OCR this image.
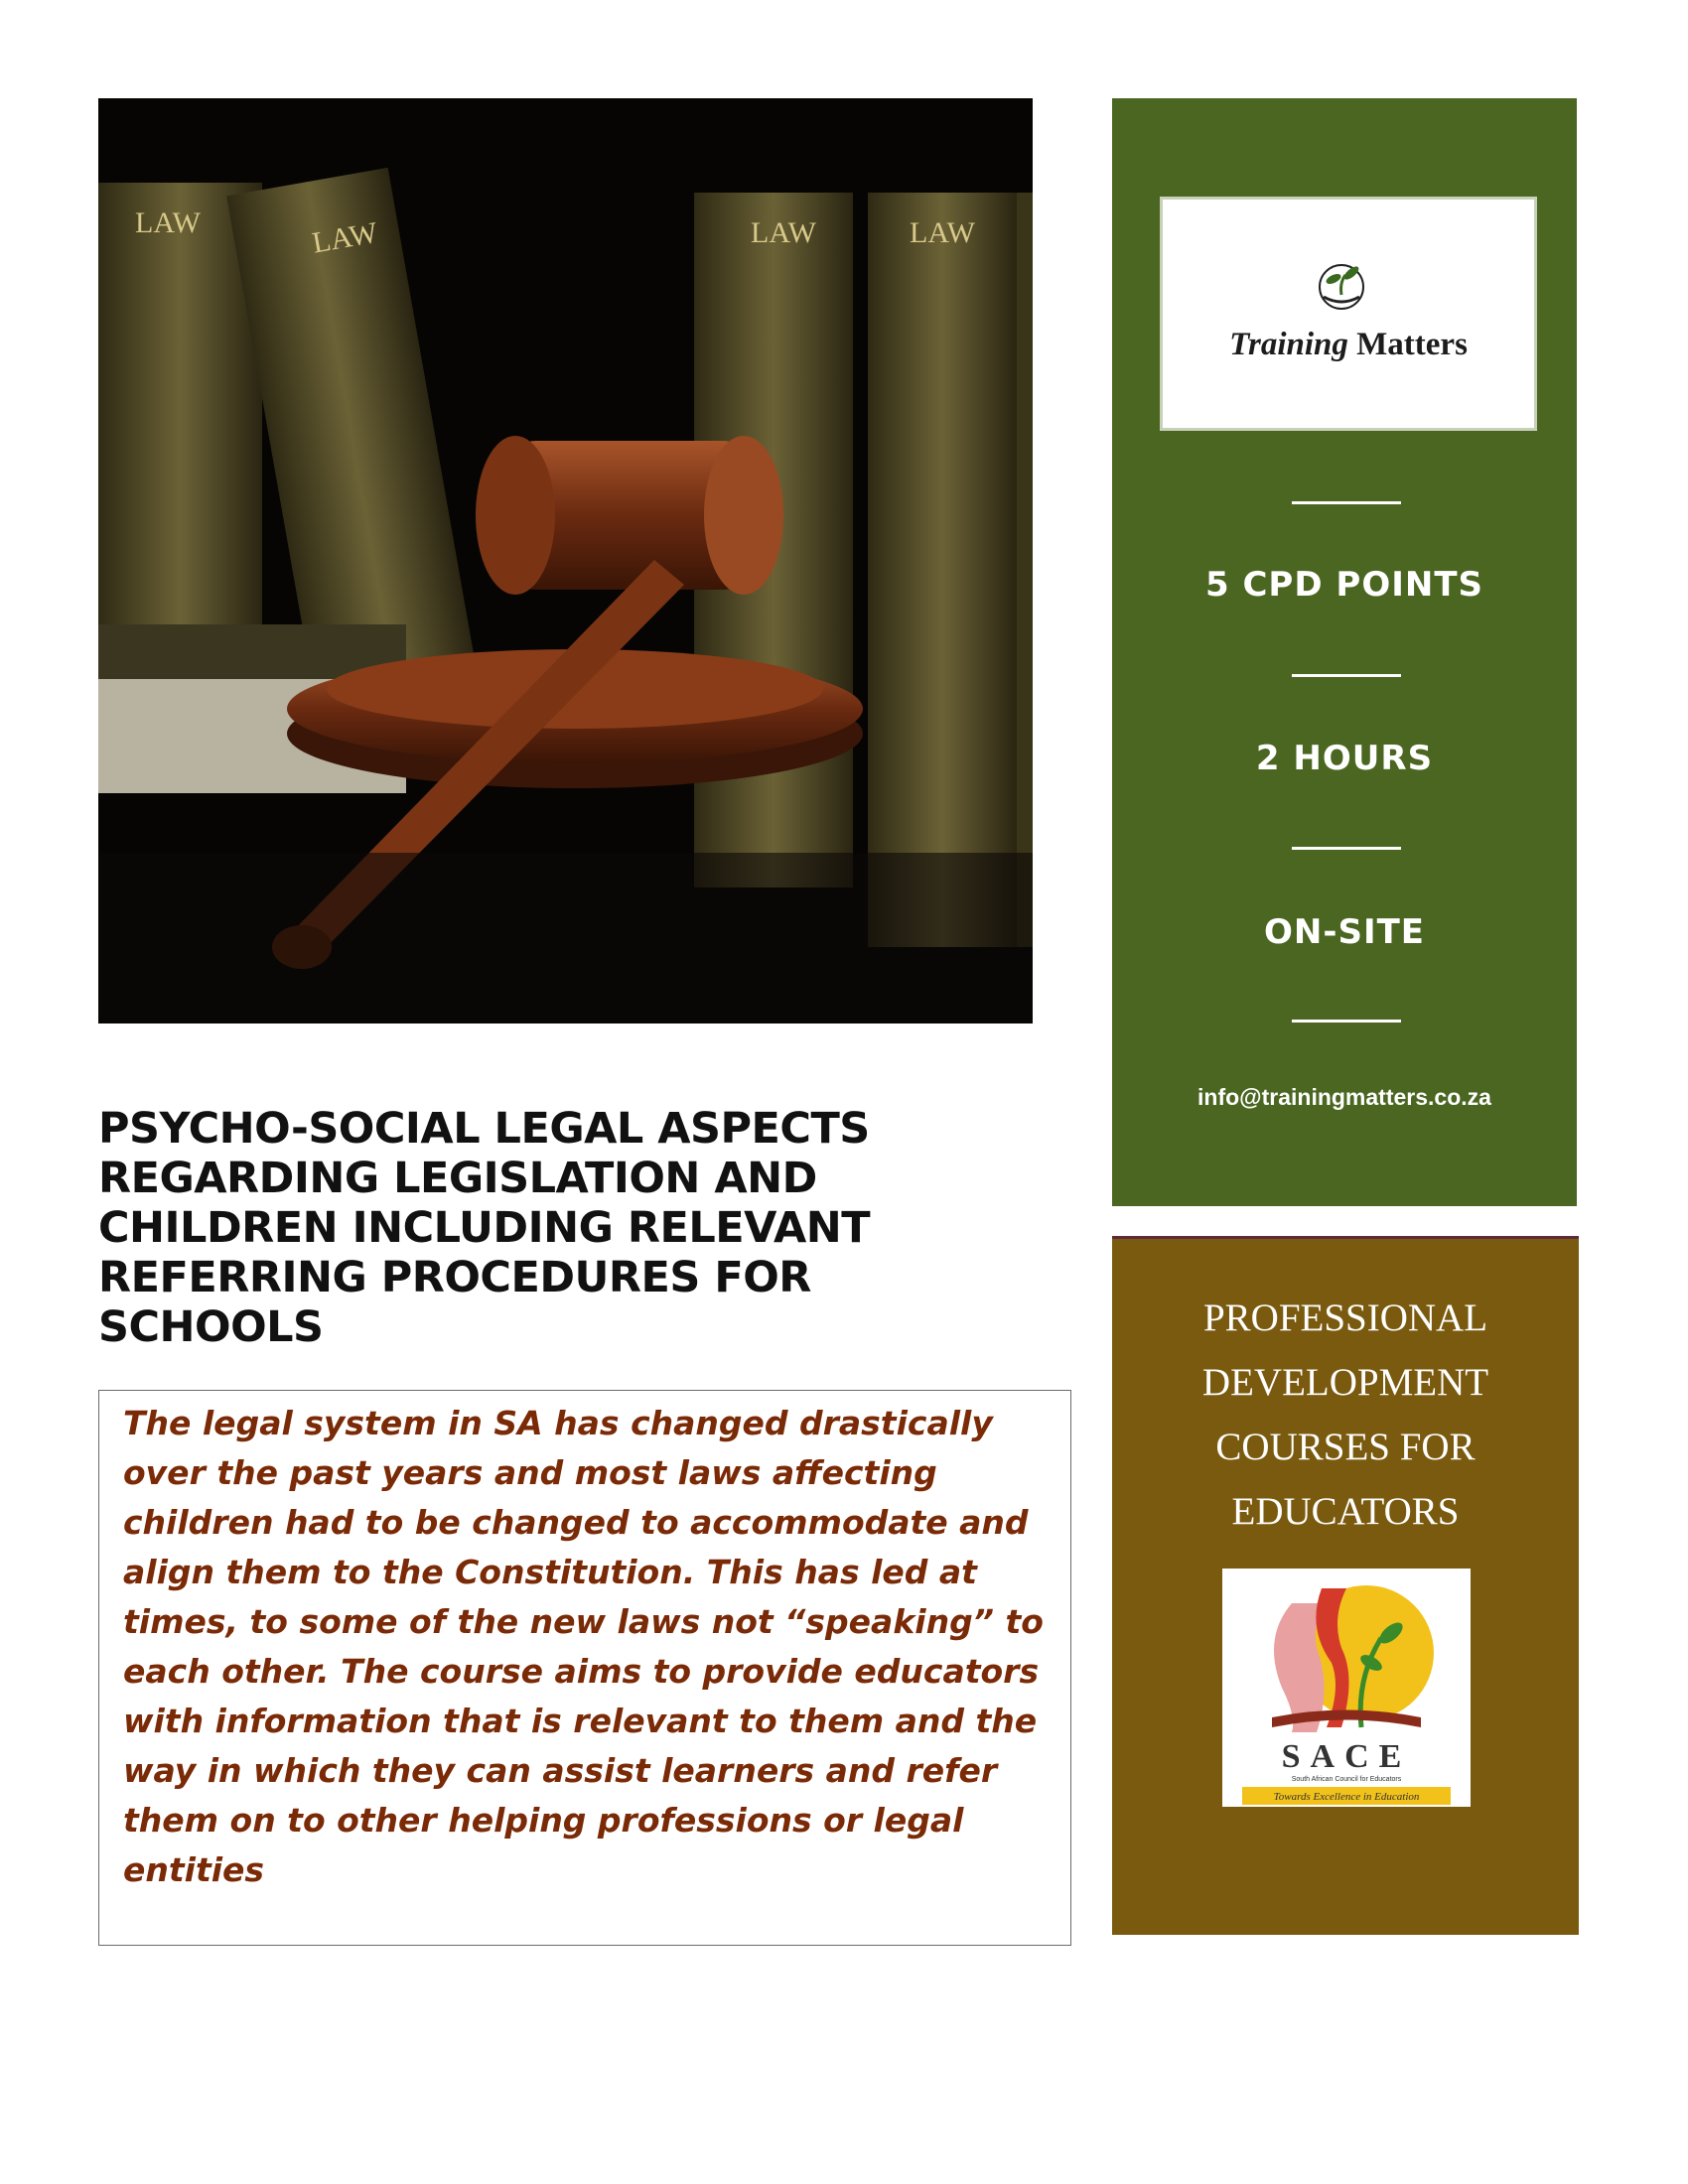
LAW	LAW	LAW	LAW
Training Matters
5 CPD POINTS
2 HOURS
ON-SITE
info@trainingmatters.co.za
PROFESSIONAL
DEVELOPMENT
COURSES FOR
EDUCATORS
SACE
South African Council for Educators
Towards Excellence in Education
PSYCHO-SOCIAL LEGAL ASPECTS REGARDING LEGISLATION AND CHILDREN INCLUDING RELEVANT REFERRING PROCEDURES FOR SCHOOLS

The legal system in SA has changed drastically over the past years and most laws affecting children had to be changed to accommodate and align them to the Constitution. This has led at times, to some of the new laws not “speaking” to each other. The course aims to provide educators with information that is relevant to them and the way in which they can assist learners and refer them on to other helping professions or legal entities
